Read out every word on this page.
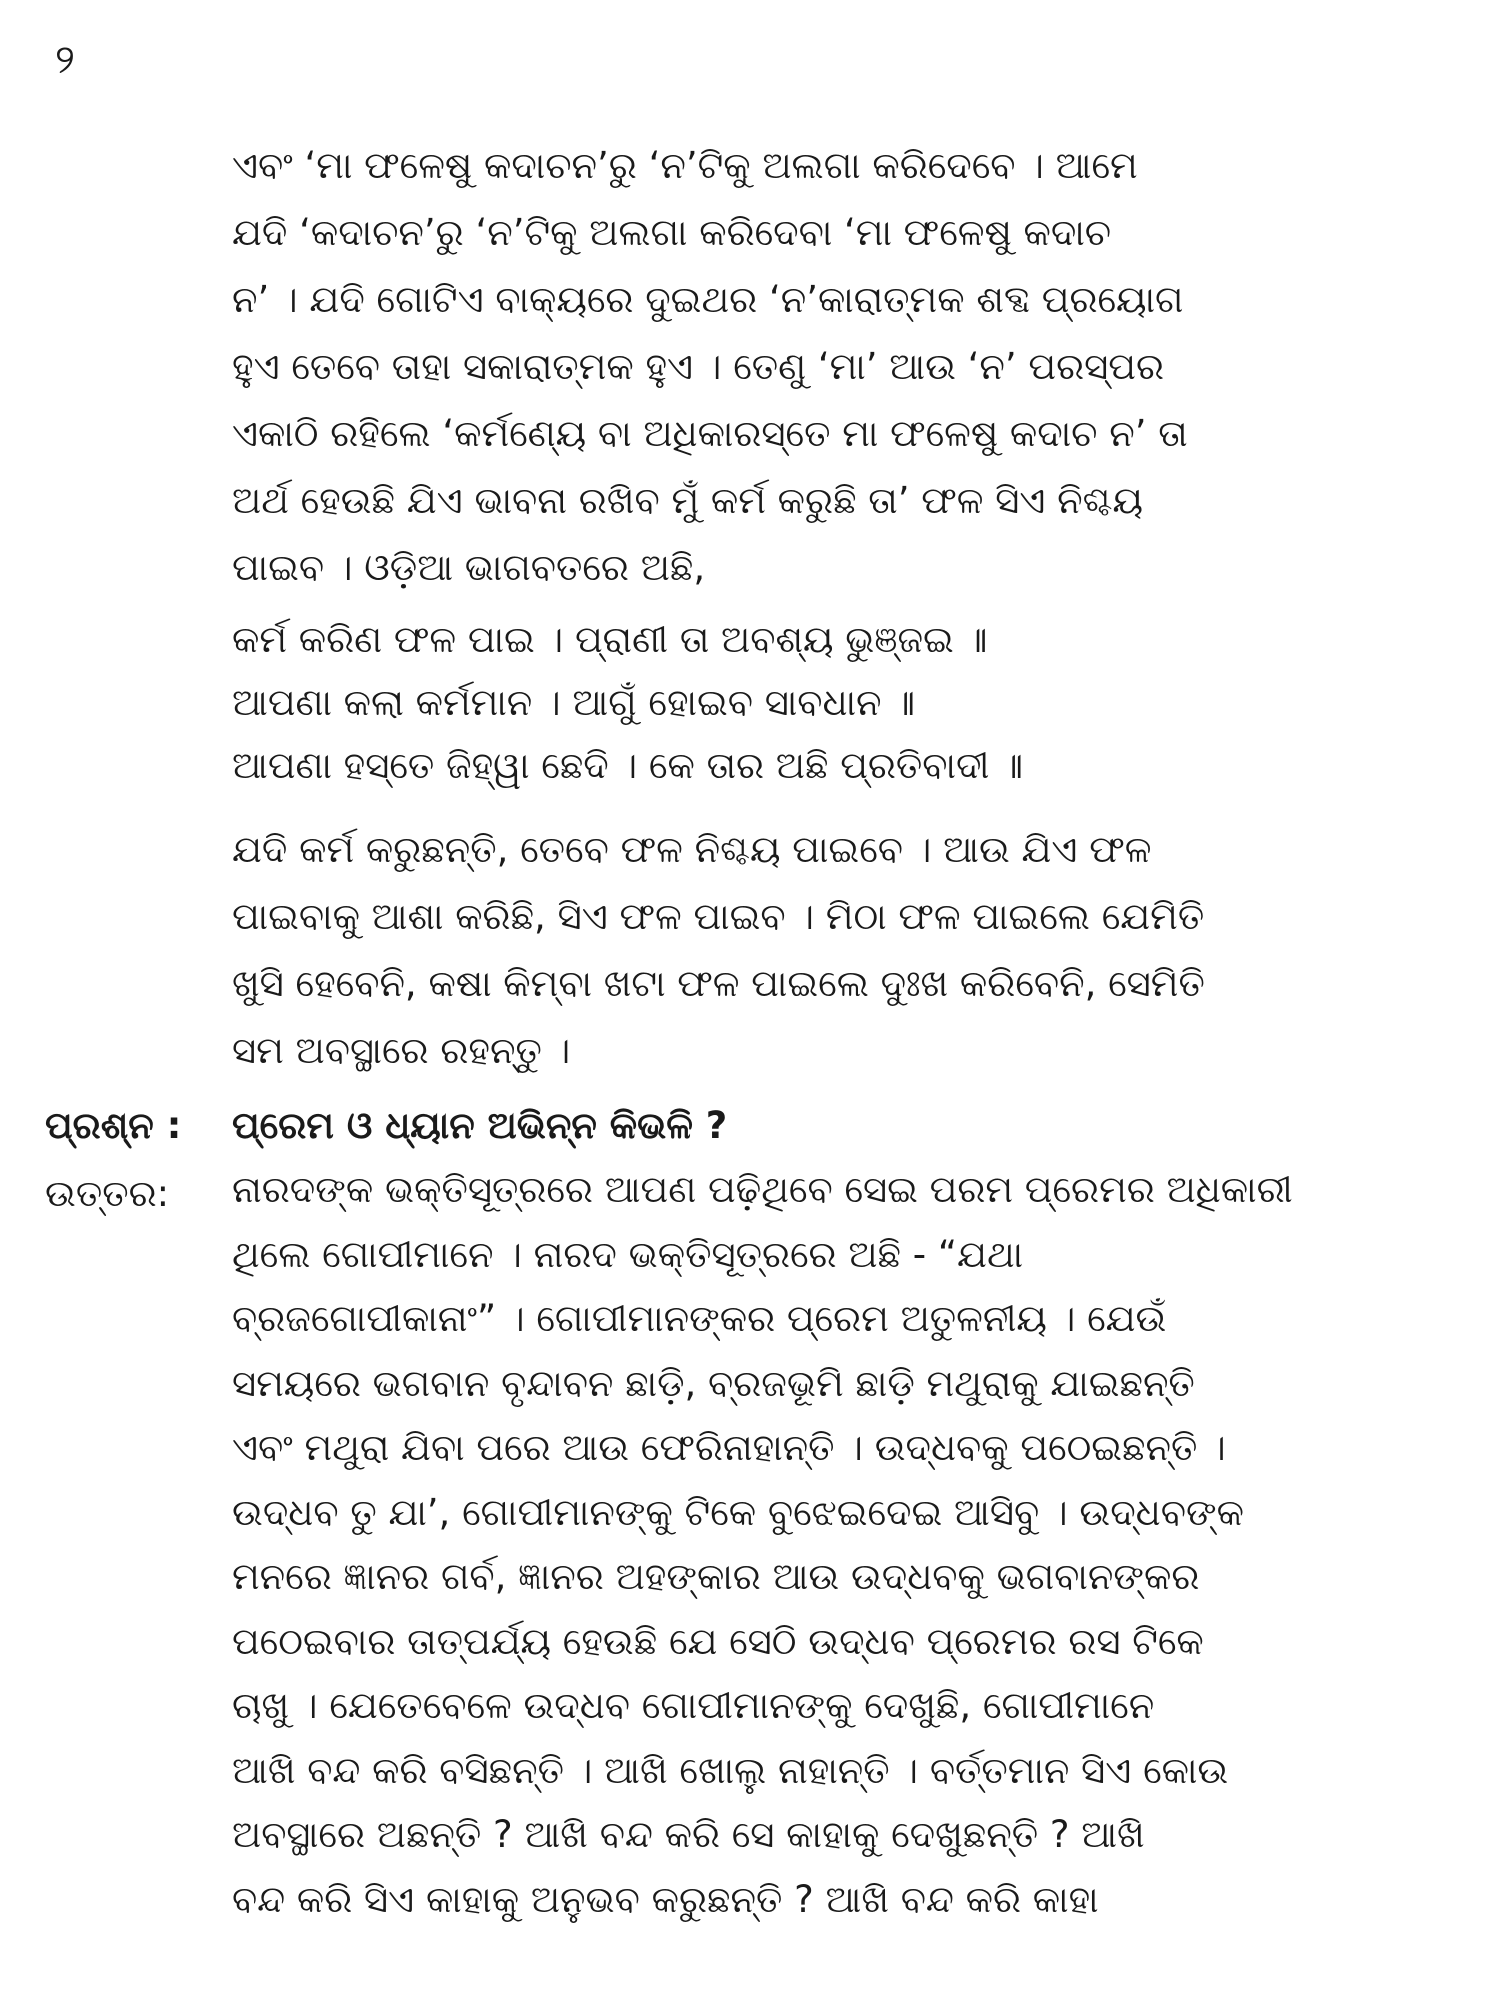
୨
ଏବଂ ‘ମା ଫଳେଷୁ କଦାଚନ’ରୁ ‘ନ’ଟିକୁ ଅଲଗା କରିଦେବେ । ଆମେ
ଯଦି ‘କଦାଚନ’ରୁ ‘ନ’ଟିକୁ ଅଲଗା କରିଦେବା ‘ମା ଫଳେଷୁ କଦାଚ
ନ’ । ଯଦି ଗୋଟିଏ ବାକ୍ୟରେ ଦୁଇଥର ‘ନ’କାରାତ୍ମକ ଶବ୍ଦ ପ୍ରୟୋଗ
ହୁଏ ତେବେ ତାହା ସକାରାତ୍ମକ ହୁଏ । ତେଣୁ ‘ମା’ ଆଉ ‘ନ’ ପରସ୍ପର
ଏକାଠି ରହିଲେ ‘କର୍ମଣ୍ୟେ ବା ଅଧିକାରସ୍ତେ ମା ଫଳେଷୁ କଦାଚ ନ’ ତା
ଅର୍ଥ ହେଉଛି ଯିଏ ଭାବନା ରଖିବ ମୁଁ କର୍ମ କରୁଛି ତା’ ଫଳ ସିଏ ନିଶ୍ଚୟ
ପାଇବ । ଓଡ଼ିଆ ଭାଗବତରେ ଅଛି,
କର୍ମ କରିଣ ଫଳ ପାଇ । ପ୍ରାଣୀ ତା ଅବଶ୍ୟ ଭୁଞ୍ଜଇ ॥
ଆପଣା କଲା କର୍ମମାନ । ଆଗୁଁ ହୋଇବ ସାବଧାନ ॥
ଆପଣା ହସ୍ତେ ଜିହ୍ୱା ଛେଦି । କେ ତାର ଅଛି ପ୍ରତିବାଦୀ ॥
ଯଦି କର୍ମ କରୁଛନ୍ତି, ତେବେ ଫଳ ନିଶ୍ଚୟ ପାଇବେ । ଆଉ ଯିଏ ଫଳ
ପାଇବାକୁ ଆଶା କରିଛି, ସିଏ ଫଳ ପାଇବ । ମିଠା ଫଳ ପାଇଲେ ଯେମିତି
ଖୁସି ହେବେନି, କଷା କିମ୍ବା ଖଟା ଫଳ ପାଇଲେ ଦୁଃଖ କରିବେନି, ସେମିତି
ସମ ଅବସ୍ଥାରେ ରହନ୍ତୁ ।
ପ୍ରଶ୍ନ : ପ୍ରେମ ଓ ଧ୍ୟାନ ଅଭିନ୍ନ କିଭଳି ?
ଉତ୍ତର: ନାରଦଙ୍କ ଭକ୍ତିସୂତ୍ରରେ ଆପଣ ପଢ଼ିଥିବେ ସେଇ ପରମ ପ୍ରେମର ଅଧିକାରୀ
ଥିଲେ ଗୋପୀମାନେ । ନାରଦ ଭକ୍ତିସୂତ୍ରରେ ଅଛି - “ଯଥା
ବ୍ରଜଗୋପୀକାନାଂ” । ଗୋପୀମାନଙ୍କର ପ୍ରେମ ଅତୁଳନୀୟ । ଯେଉଁ
ସମୟରେ ଭଗବାନ ବୃନ୍ଦାବନ ଛାଡ଼ି, ବ୍ରଜଭୂମି ଛାଡ଼ି ମଥୁରାକୁ ଯାଇଛନ୍ତି
ଏବଂ ମଥୁରା ଯିବା ପରେ ଆଉ ଫେରିନାହାନ୍ତି । ଉଦ୍ଧବକୁ ପଠେଇଛନ୍ତି ।
ଉଦ୍ଧବ ତୁ ଯା’, ଗୋପୀମାନଙ୍କୁ ଟିକେ ବୁଝେଇଦେଇ ଆସିବୁ । ଉଦ୍ଧବଙ୍କ
ମନରେ ଜ୍ଞାନର ଗର୍ବ, ଜ୍ଞାନର ଅହଙ୍କାର ଆଉ ଉଦ୍ଧବକୁ ଭଗବାନଙ୍କର
ପଠେଇବାର ତାତ୍ପର୍ଯ୍ୟ ହେଉଛି ଯେ ସେଠି ଉଦ୍ଧବ ପ୍ରେମର ରସ ଟିକେ
ଚାଖୁ । ଯେତେବେଳେ ଉଦ୍ଧବ ଗୋପୀମାନଙ୍କୁ ଦେଖୁଛି, ଗୋପୀମାନେ
ଆଖି ବନ୍ଦ କରି ବସିଛନ୍ତି । ଆଖି ଖୋଲୁ ନାହାନ୍ତି । ବର୍ତ୍ତମାନ ସିଏ କୋଉ
ଅବସ୍ଥାରେ ଅଛନ୍ତି ? ଆଖି ବନ୍ଦ କରି ସେ କାହାକୁ ଦେଖୁଛନ୍ତି ? ଆଖି
ବନ୍ଦ କରି ସିଏ କାହାକୁ ଅନୁଭବ କରୁଛନ୍ତି ? ଆଖି ବନ୍ଦ କରି କାହା
